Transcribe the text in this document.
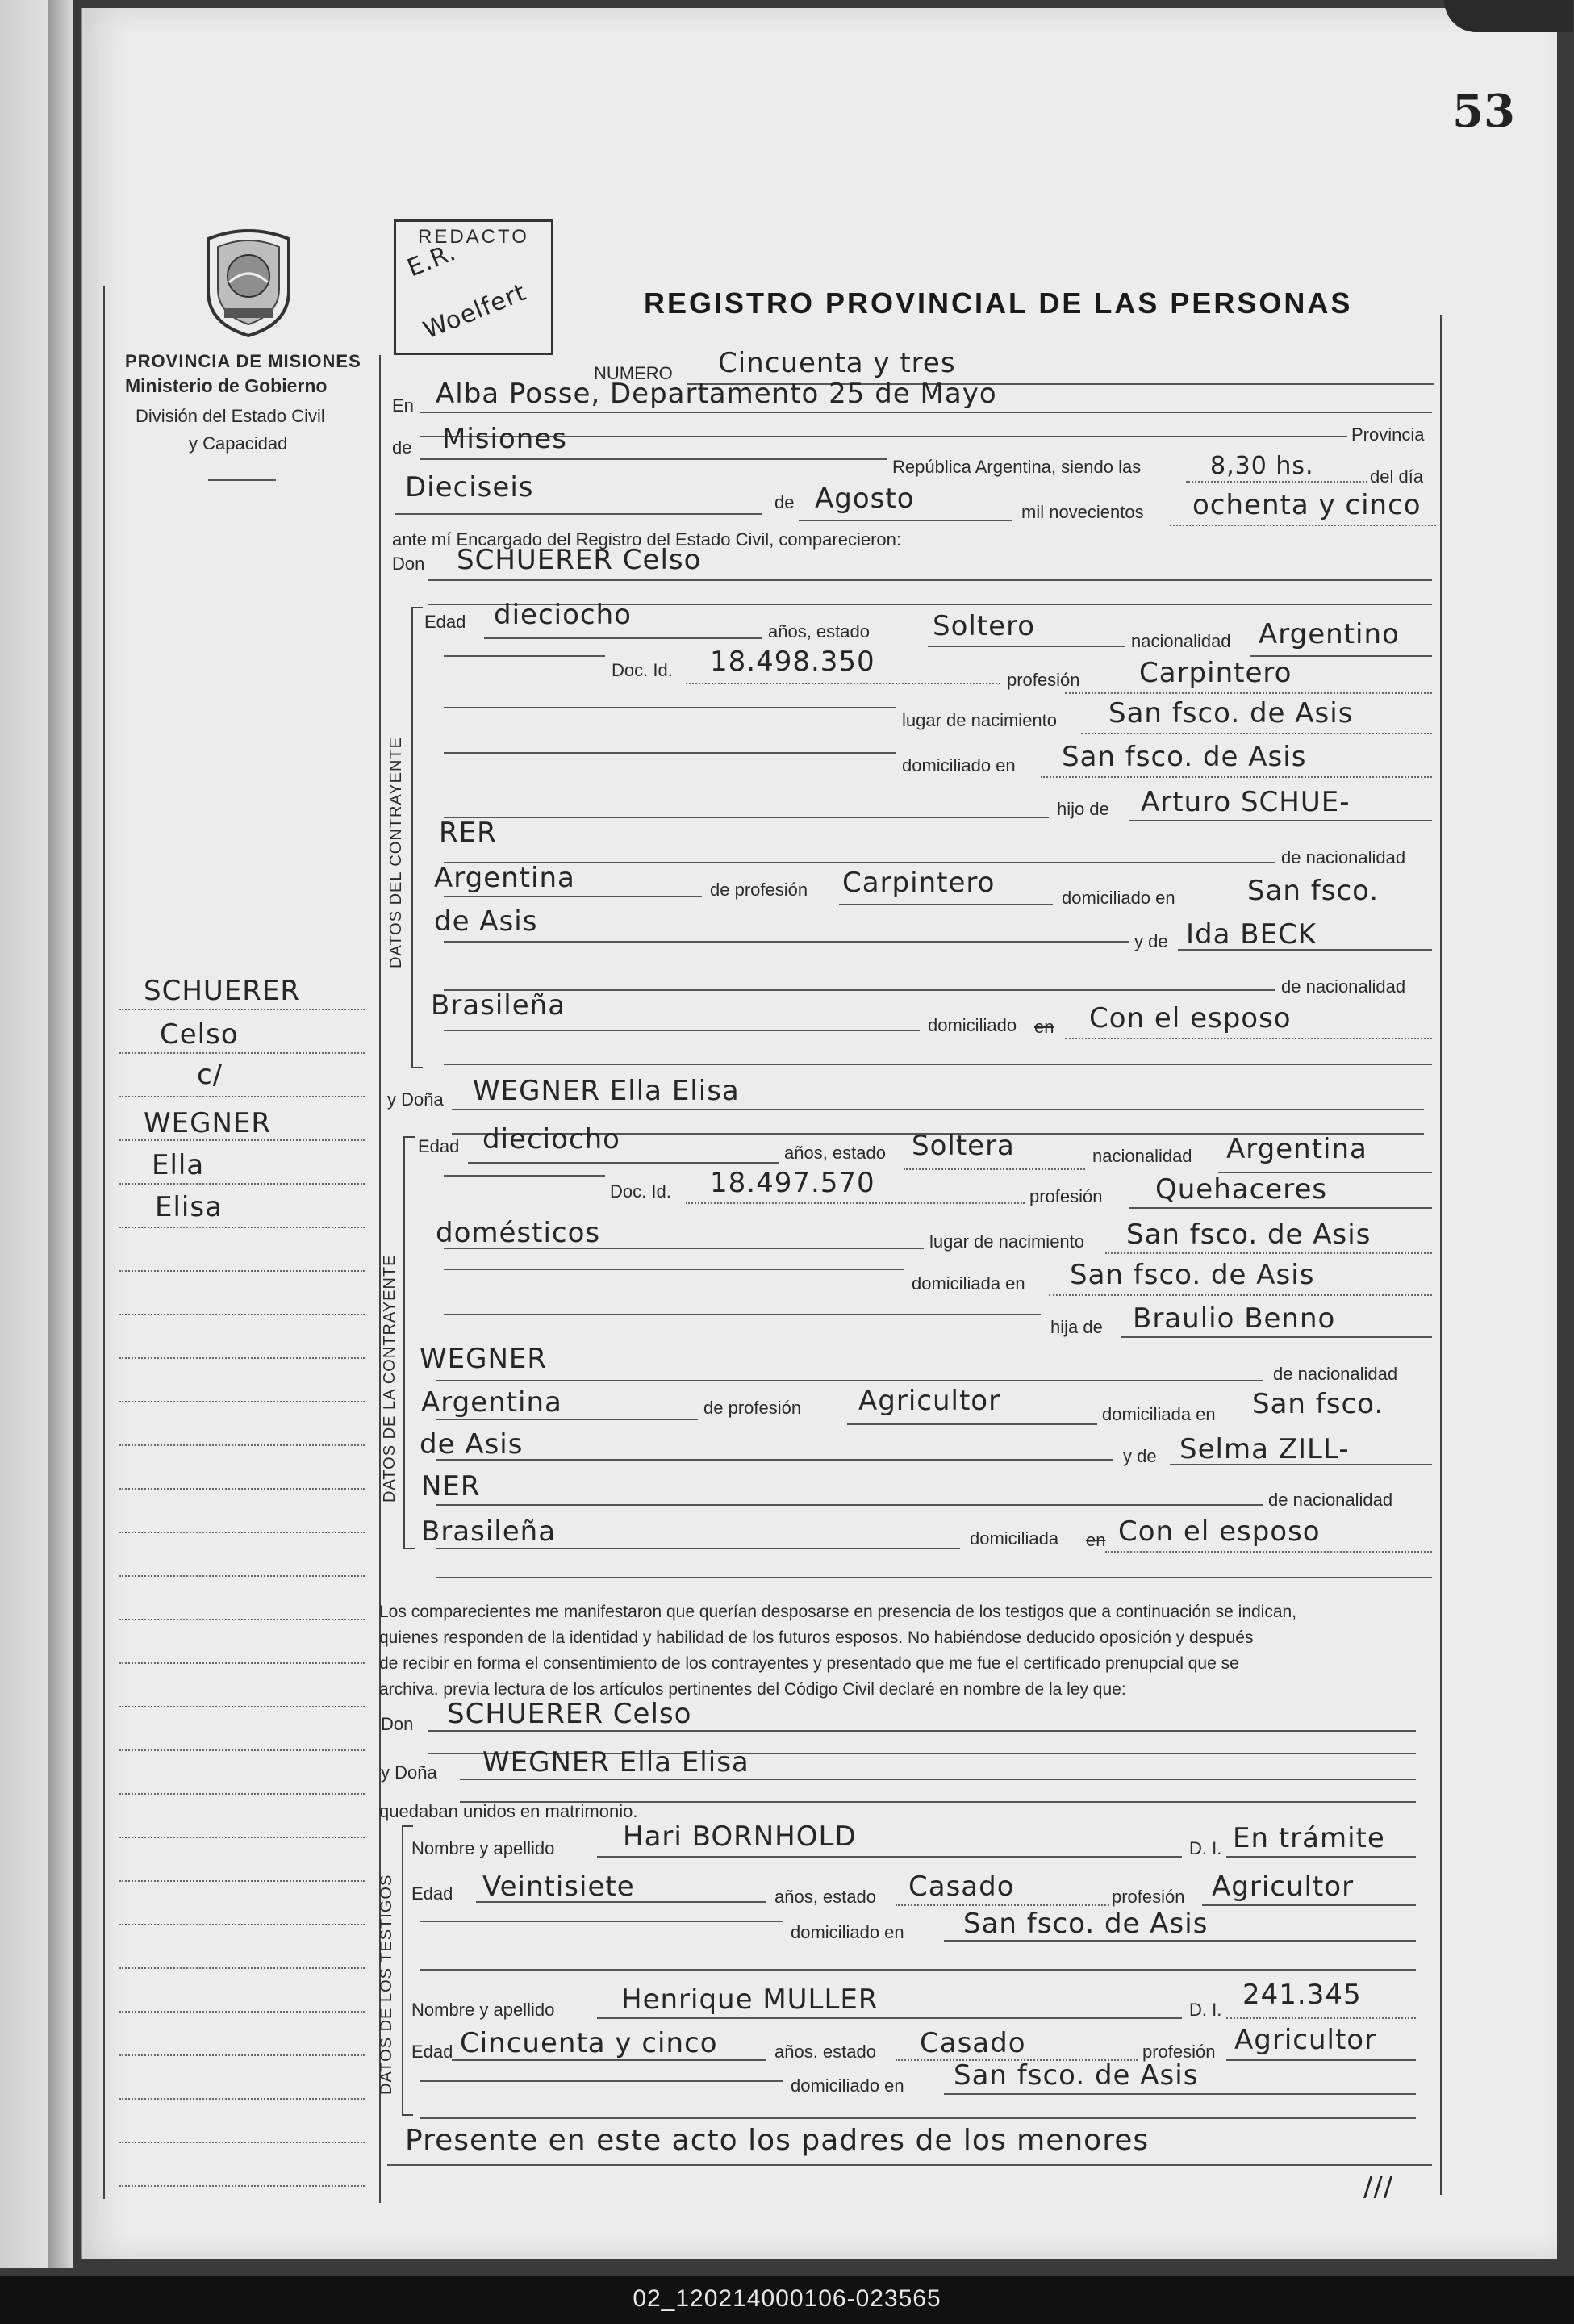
53
REDACTO
E.R.
Woelfert
PROVINCIA DE MISIONES
Ministerio de Gobierno
División del Estado Civil
y Capacidad
REGISTRO PROVINCIAL DE LAS PERSONAS
SCHUERER
Celso
c/
WEGNER
Ella
Elisa
NUMERO Cincuenta y tres
En Alba Posse, Departamento 25 de Mayo
Provincia
de Misiones
República Argentina, siendo las	8,30 hs.	del día
Dieciseis	de Agosto	mil novecientos ochenta y cinco
ante mí Encargado del Registro del Estado Civil, comparecieron:
Don SCHUERER Celso
DATOS DEL CONTRAYENTE
Edad dieciocho
años, estado Soltero	nacionalidad Argentino
Doc. Id. 18.498.350
profesión Carpintero
lugar de nacimiento San fsco. de Asis
domiciliado en San fsco. de Asis
hijo de Arturo SCHUE-
RER
de nacionalidad
Argentina	de profesión Carpintero	domiciliado en	San fsco.
de Asis
y de Ida BECK
de nacionalidad
Brasileña
domiciliado en Con el esposo
y Doña WEGNER Ella Elisa
DATOS DE LA CONTRAYENTE
Edad dieciocho	años, estado Soltera	nacionalidad Argentina
Doc. Id. 18.497.570	profesión Quehaceres
domésticos	lugar de nacimiento San fsco. de Asis
domiciliada en San fsco. de Asis
hija de Braulio Benno
WEGNER	de nacionalidad
Argentina	de profesión Agricultor	domiciliada en San fsco.
de Asis	y de Selma ZILL-
NER	de nacionalidad
Brasileña	domiciliada en Con el esposo
Los comparecientes me manifestaron que querían desposarse en presencia de los testigos que a continuación se indican,
quienes responden de la identidad y habilidad de los futuros esposos. No habiéndose deducido oposición y después
de recibir en forma el consentimiento de los contrayentes y presentado que me fue el certificado prenupcial que se
archiva. previa lectura de los artículos pertinentes del Código Civil declaré en nombre de la ley que:
Don SCHUERER Celso
y Doña WEGNER Ella Elisa
quedaban unidos en matrimonio.
DATOS DE LOS TESTIGOS
Nombre y apellido Hari BORNHOLD	D. I. En trámite
Edad Veintisiete	años, estado Casado	profesión Agricultor
domiciliado en San fsco. de Asis
Nombre y apellido Henrique MULLER	D. I. 241.345
Edad Cincuenta y cinco	años. estado Casado	profesión Agricultor
domiciliado en San fsco. de Asis
Presente en este acto los padres de los menores
///
02_120214000106-023565
